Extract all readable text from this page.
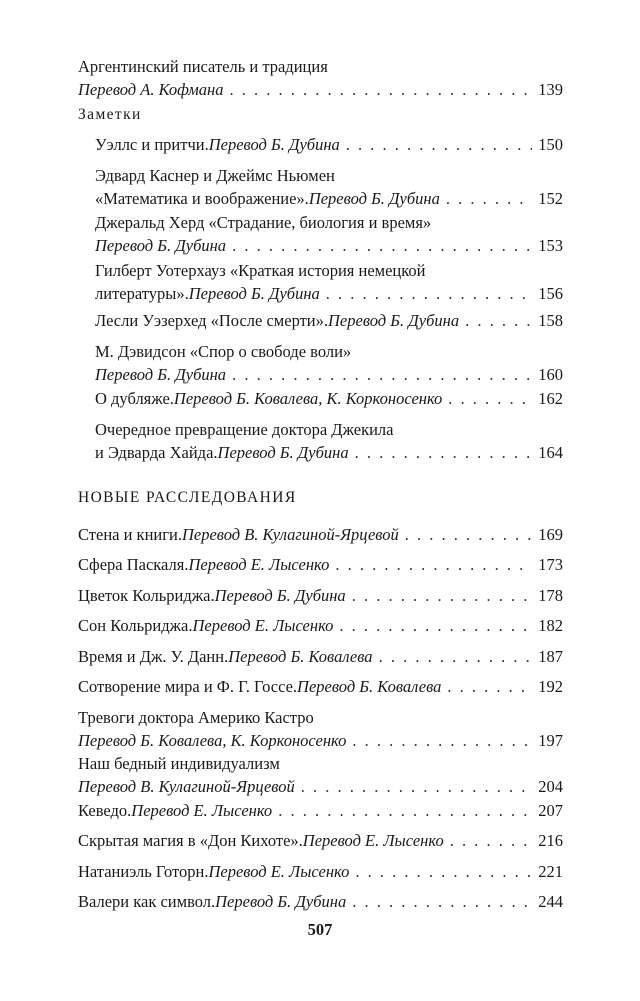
Аргентинский писатель и традиция
Перевод А. Кофмана . . .	139
Заметки
Уэллс и притчи. Перевод Б. Дубина . . .	150
Эдвард Каснер и Джеймс Ньюмен
«Математика и воображение». Перевод Б. Дубина . . .	152
Джеральд Херд «Страдание, биология и время»
Перевод Б. Дубина . . .	153
Гилберт Уотерхауз «Краткая история немецкой
литературы». Перевод Б. Дубина . . .	156
Лесли Уэзерхед «После смерти». Перевод Б. Дубина . . .	158
М. Дэвидсон «Спор о свободе воли»
Перевод Б. Дубина . . .	160
О дубляже. Перевод Б. Ковалева, К. Корконосенко . . .	162
Очередное превращение доктора Джекила
и Эдварда Хайда. Перевод Б. Дубина . . .	164
НОВЫЕ РАССЛЕДОВАНИЯ
Стена и книги. Перевод В. Кулагиной-Ярцевой . . .	169
Сфера Паскаля. Перевод Е. Лысенко . . .	173
Цветок Кольриджа. Перевод Б. Дубина . . .	178
Сон Кольриджа. Перевод Е. Лысенко . . .	182
Время и Дж. У. Данн. Перевод Б. Ковалева . . .	187
Сотворение мира и Ф. Г. Госсе. Перевод Б. Ковалева . . .	192
Тревоги доктора Америко Кастро
Перевод Б. Ковалева, К. Корконосенко . . .	197
Наш бедный индивидуализм
Перевод В. Кулагиной-Ярцевой . . .	204
Кеведо. Перевод Е. Лысенко . . .	207
Скрытая магия в «Дон Кихоте». Перевод Е. Лысенко . . .	216
Натаниэль Готорн. Перевод Е. Лысенко . . .	221
Валери как символ. Перевод Б. Дубина . . .	244
507
